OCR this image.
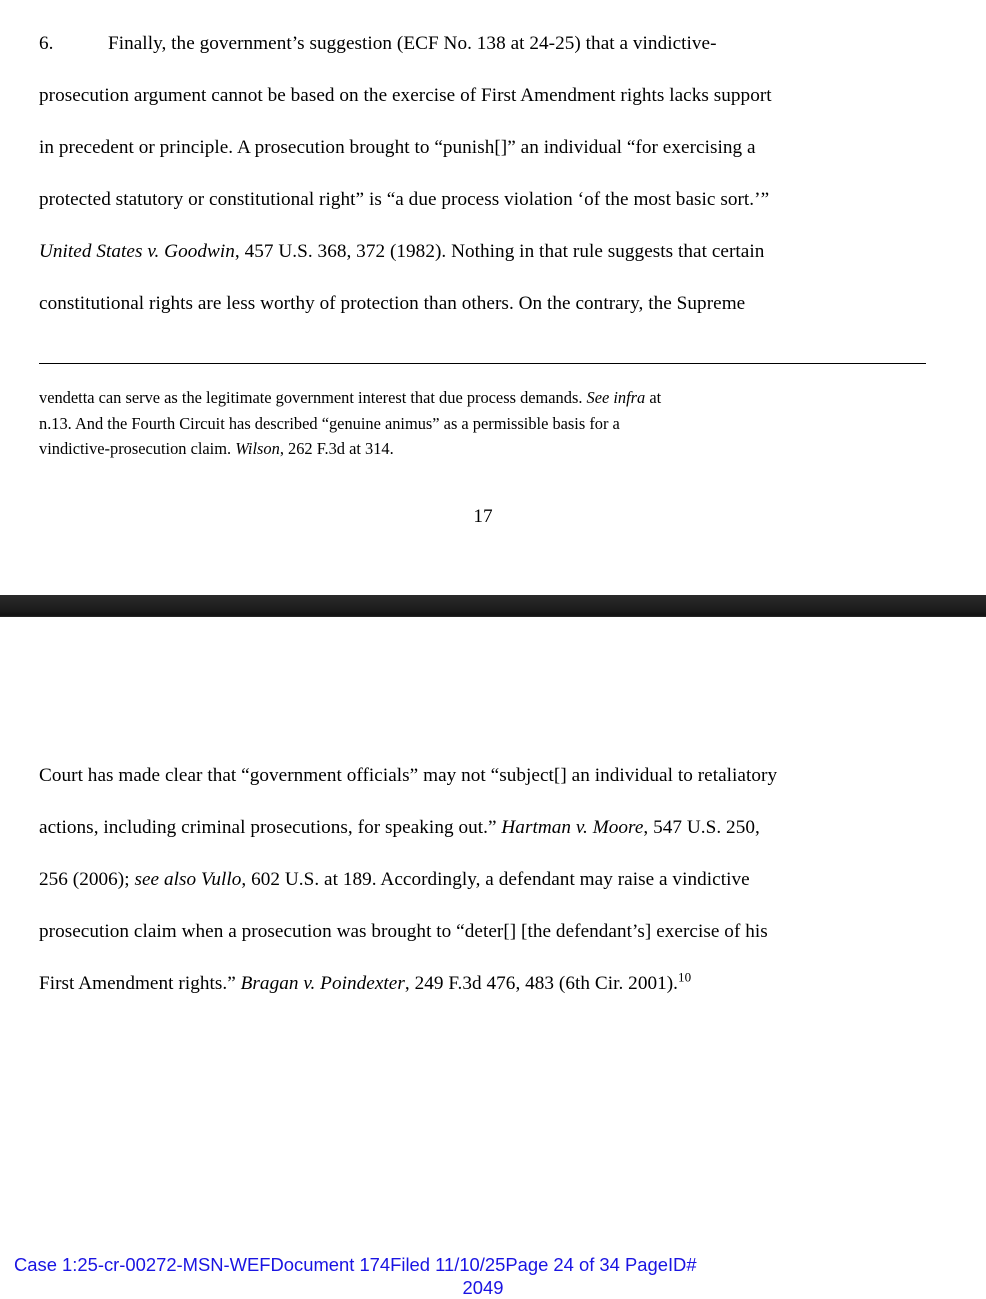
6.	Finally, the government’s suggestion (ECF No. 138 at 24-25) that a vindictive-

prosecution argument cannot be based on the exercise of First Amendment rights lacks support

in precedent or principle. A prosecution brought to “punish[]” an individual “for exercising a

protected statutory or constitutional right” is “a due process violation ‘of the most basic sort.’”

United States v. Goodwin, 457 U.S. 368, 372 (1982). Nothing in that rule suggests that certain

constitutional rights are less worthy of protection than others. On the contrary, the Supreme

vendetta can serve as the legitimate government interest that due process demands. See infra at

n.13. And the Fourth Circuit has described “genuine animus” as a permissible basis for a

vindictive-prosecution claim. Wilson, 262 F.3d at 314.

17
Case 1:25-cr-00272-MSN-WEFDocument 174Filed 11/10/25Page 24 of 34 PageID#
2049

Court has made clear that “government officials” may not “subject[] an individual to retaliatory

actions, including criminal prosecutions, for speaking out.” Hartman v. Moore, 547 U.S. 250,

256 (2006); see also Vullo, 602 U.S. at 189. Accordingly, a defendant may raise a vindictive

prosecution claim when a prosecution was brought to “deter[] [the defendant’s] exercise of his

First Amendment rights.” Bragan v. Poindexter, 249 F.3d 476, 483 (6th Cir. 2001).$^{10}$
